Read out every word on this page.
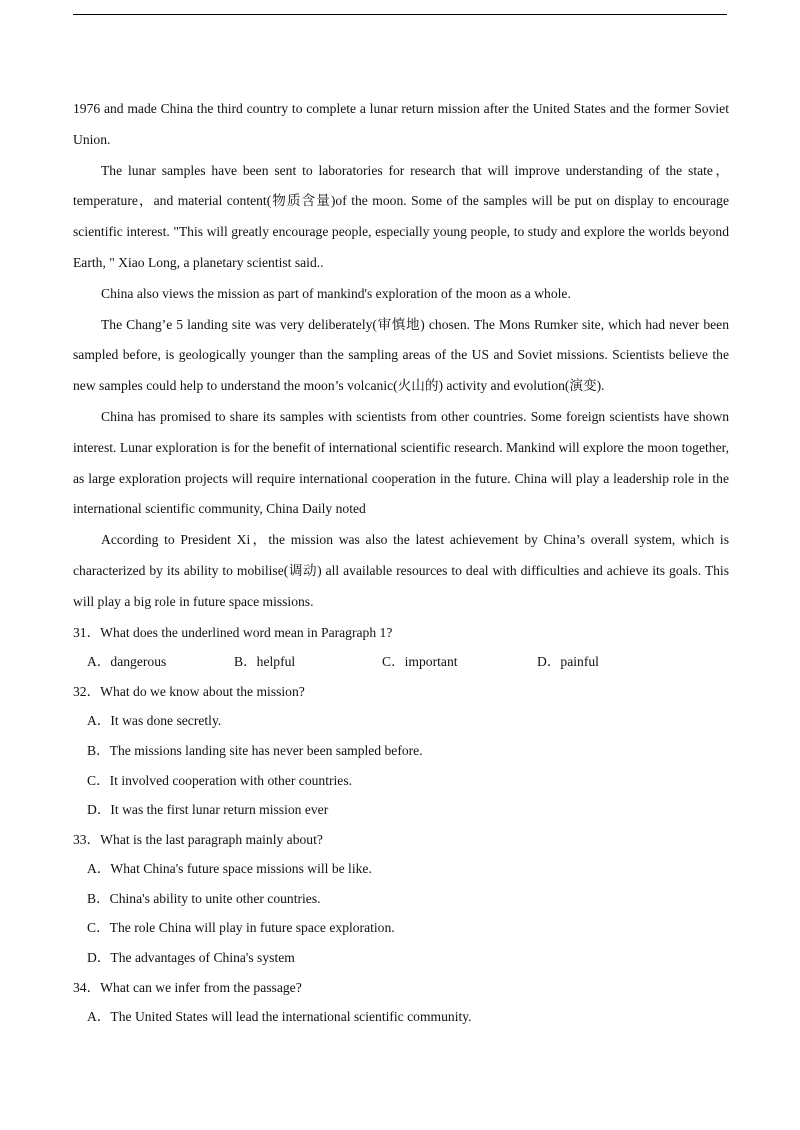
1976 and made China the third country to complete a lunar return mission after the United States and the former Soviet Union.

The lunar samples have been sent to laboratories for research that will improve understanding of the state，temperature，and material content(物质含量)of the moon. Some of the samples will be put on display to encourage scientific interest. "This will greatly encourage people, especially young people, to study and explore the worlds beyond Earth, " Xiao Long, a planetary scientist said..

China also views the mission as part of mankind's exploration of the moon as a whole.

The Chang’e 5 landing site was very deliberately(审慎地) chosen. The Mons Rumker site, which had never been sampled before, is geologically younger than the sampling areas of the US and Soviet missions. Scientists believe the new samples could help to understand the moon’s volcanic(火山的) activity and evolution(演变).

China has promised to share its samples with scientists from other countries. Some foreign scientists have shown interest. Lunar exploration is for the benefit of international scientific research. Mankind will explore the moon together, as large exploration projects will require international cooperation in the future. China will play a leadership role in the international scientific community, China Daily noted

According to President Xi，the mission was also the latest achievement by China’s overall system, which is characterized by its ability to mobilise(调动) all available resources to deal with difficulties and achieve its goals. This will play a big role in future space missions.

31．What does the underlined word mean in Paragraph 1?

A．dangerous	B．helpful	C．important	D．painful

32．What do we know about the mission?

A．It was done secretly.

B．The missions landing site has never been sampled before.

C．It involved cooperation with other countries.

D．It was the first lunar return mission ever

33．What is the last paragraph mainly about?

A．What China's future space missions will be like.

B．China's ability to unite other countries.

C．The role China will play in future space exploration.

D．The advantages of China's system

34．What can we infer from the passage?

A．The United States will lead the international scientific community.
